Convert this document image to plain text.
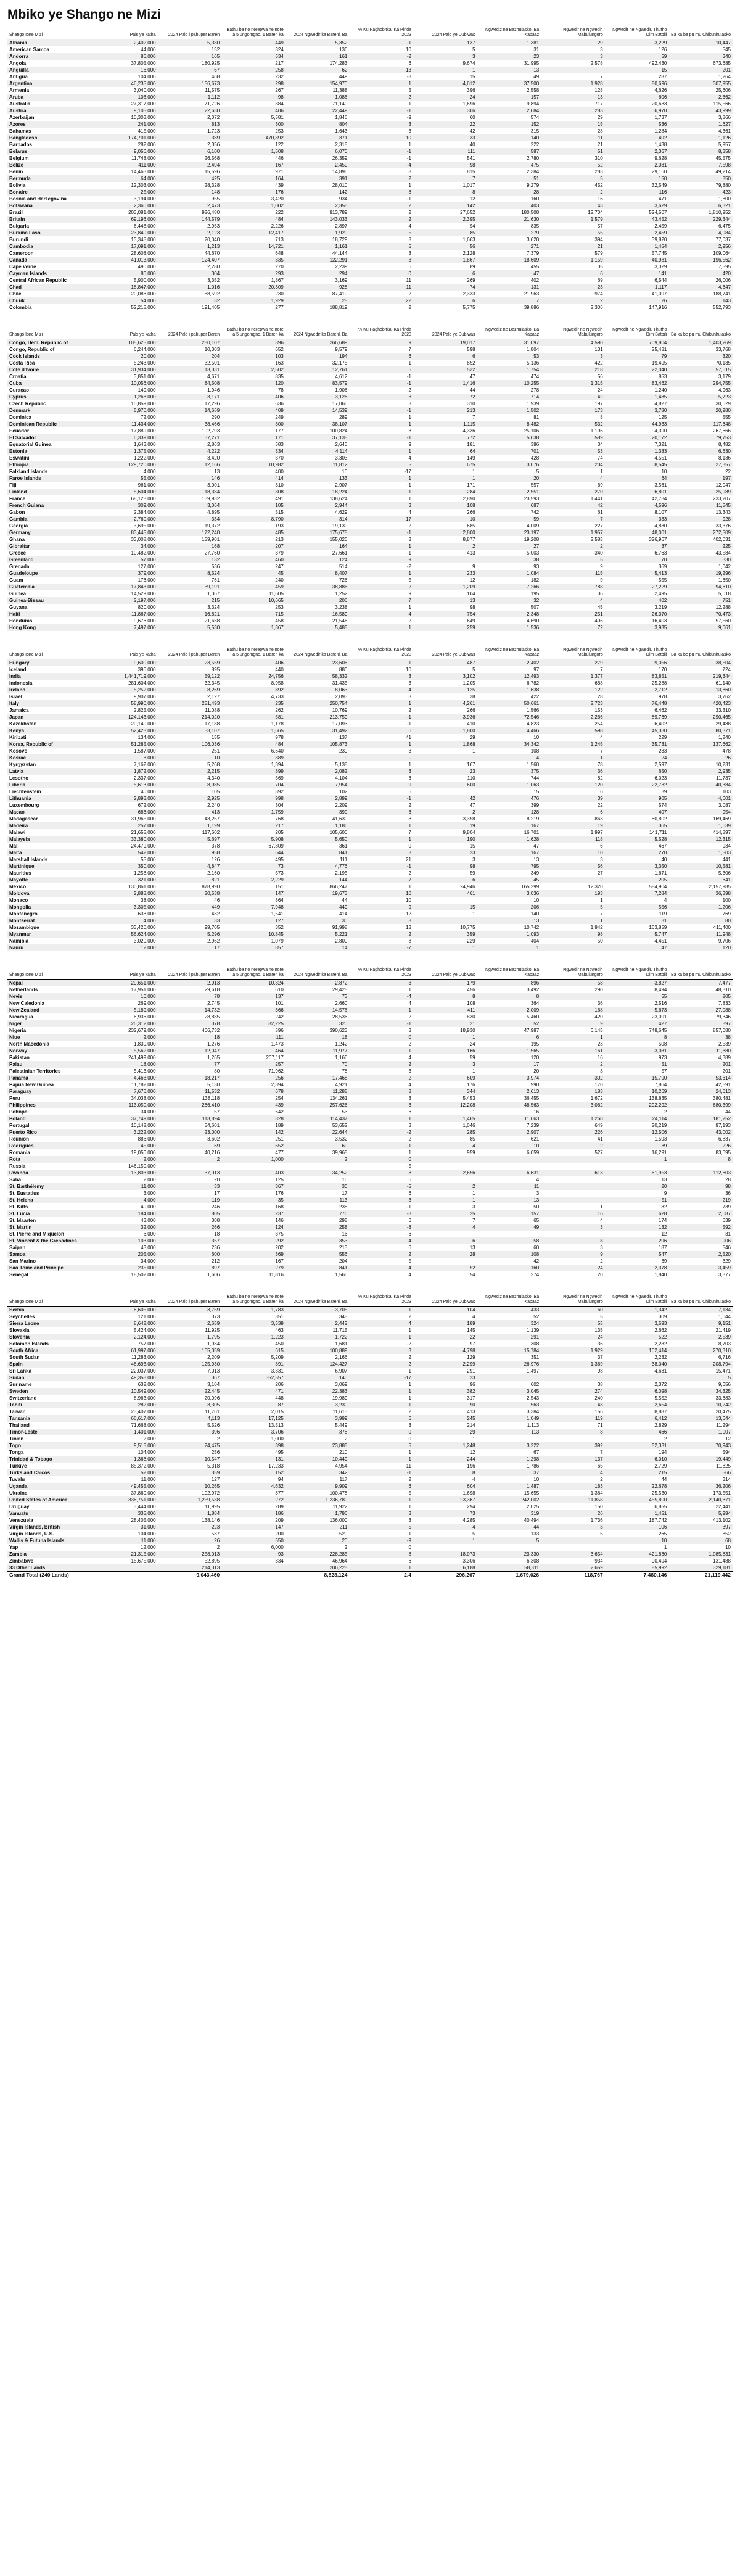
Mbiko ye Shango ne Mizi
Shango Ione Mizi	Pals ye katha	2024 Palo i pahuper Baren	Bathu ba no nerepwa ne nore a 5 ungomgno, 1 Baren ka	2024 Ngwedir ka Barenl. Ba	% Ku Paghobitka. Ka Pinda 2023	2024 Palo ye Dubiwas	Ngwediz ne Bazhulasko. Ba Kapaaz	Ngwedir ne Ngwedir. Mabulungoro	Ngwedir ne Ngwedir. Thutho Dim Batbili	Ba ka be pu mu Chikunhulasko
Albania	2,402,000	5,380	449	5,352	-1	137	1,381	29	3,229	10,447
American Samoa	44,000	152	324	136	10	5	31	3	126	545
Andorra	86,000	165	534	161	-2	3	23	3	59	340
Angola	37,805,000	180,925	217	174,283	6	9,674	31,995	2,578	492,430	673,685
Anguilla	16,000	67	258	62	13	1	13		15	201
Antigua	104,000	468	232	449	-3	15	49	7	287	1,264
Argentina	46,235,000	156,673	298	154,970	1	4,612	37,500	1,928	80,696	307,955
Armenia	3,040,000	11,575	267	11,388	5	396	2,558	128	4,626	25,606
Aruba	106,000	1,112	98	1,086	2	24	157	13	606	2,662
Australia	27,317,000	71,726	384	71,140	1	1,696	9,894	717	20,683	115,566
Austria	9,105,000	22,630	406	22,449	-1	306	2,684	283	6,970	43,999
Azerbaijan	10,303,000	2,072	5,581	1,846	-9	60	574	29	1,737	3,866
Azores	241,000	813	300	804	3	22	152	15	536	1,627
Bahamas	415,000	1,723	253	1,643	-3	42	315	28	1,284	4,361
Bangladesh	174,701,000	389	470,892	371	10	33	140	11	492	1,126
Barbados	282,000	2,356	122	2,318	1	40	222	21	1,438	5,957
Belarus	9,056,000	6,100	1,508	6,070	-1	111	587	51	2,367	8,358
Belgium	11,748,000	26,568	446	26,359	-1	541	2,780	310	9,628	45,575
Belize	411,000	2,494	167	2,459	-4	98	475	52	2,031	7,598
Benin	14,463,000	15,596	971	14,896	8	815	2,384	283	29,160	49,214
Bermuda	64,000	425	164	391	2	7	51	5	150	850
Bolivia	12,303,000	28,328	439	28,010	1	1,017	9,279	452	32,549	79,880
Bonaire	25,000	148	176	142	8	8	28	2	116	423
Bosnia and Herzegovina	3,194,000	955	3,420	934	-1	12	160	16	471	1,800
Botswana	2,360,000	2,473	1,002	2,355	2	142	403	43	3,629	6,321
Brazil	203,081,000	926,480	222	913,789	2	27,652	180,508	12,704	524,507	1,810,952
Britain	69,196,000	144,579	484	143,033	2	2,395	21,630	1,579	43,452	229,344
Bulgaria	6,448,000	2,953	2,226	2,897	4	94	835	57	2,459	6,475
Burkina Faso	23,840,000	2,123	12,417	1,920	5	85	279	55	2,459	4,984
Burundi	13,345,000	20,040	713	18,729	8	1,663	3,620	394	39,820	77,037
Cambodia	17,091,000	1,213	14,721	1,161	5	56	271	21	1,454	2,956
Cameroon	28,608,000	44,670	648	44,144	3	2,128	7,379	579	57,745	109,064
Canada	41,013,000	124,407	335	122,291	3	1,867	18,609	1,159	40,981	196,562
Cape Verde	490,000	2,280	270	2,239	6	89	455	35	3,329	7,595
Cayman Islands	86,000	304	293	294	0	6	47	6	141	420
Central African Republic	5,900,000	3,352	1,867	3,169	11	269	402	69	6,544	26,006
Chad	18,847,000	1,016	20,309	928	11	74	131	23	1,117	4,647
Chile	20,086,000	88,592	230	87,419	2	2,333	21,963	974	41,097	188,741
Chuuk	54,000	32	1,929	28	22	6	7	2	26	143
Colombia	52,215,000	191,405	277	188,819	2	5,775	39,886	2,306	147,916	552,793
Shango Ione Mizi	Pals ye katha	2024 Palo i pahuper Baren	Bathu ba no nerepwa ne nore a 5 ungomgno, 1 Baren ka	2024 Ngwedir ka Barenl. Ba	% Ku Paghobitka. Ka Pinda 2023	2024 Palo ye Dubiwas	Ngwediz ne Bazhulasko. Ba Kapaaz	Ngwedir ne Ngwedir. Mabulungoro	Ngwedir ne Ngwedir. Thutho Dim Batbili	Ba ka be pu mu Chikunhulasko
Congo, Dem. Republic of	105,625,000	280,107	396	266,689	9	19,017	31,097	4,590	709,804	1,403,269
Congo, Republic of	6,244,000	10,303	652	9,579	7	598	1,804	131	25,481	33,768
Cook Islands	20,000	204	103	194	6	6	53	3	79	320
Costa Rica	5,243,000	32,501	163	32,175	1	852	5,136	422	19,495	70,135
Côte d'Ivoire	31,934,000	13,331	2,502	12,761	6	532	1,754	218	22,040	57,615
Croatia	3,851,000	4,671	835	4,612	-1	47	474	56	853	3,179
Cuba	10,056,000	84,508	120	83,579	-1	1,416	10,255	1,315	83,462	294,755
Curaçao	149,000	1,946	78	1,906	-2	44	278	24	1,240	4,963
Cyprus	1,268,000	3,171	406	3,126	3	72	714	42	1,485	5,723
Czech Republic	10,859,000	17,296	636	17,066	3	310	1,939	197	4,827	30,629
Denmark	5,970,000	14,669	409	14,539	-1	213	1,502	173	3,780	20,980
Dominica	72,000	290	249	289	1	7	81	8	125	555
Dominican Republic	11,434,000	38,466	300	38,107	1	1,115	8,482	532	44,933	117,648
Ecuador	17,889,000	102,793	177	100,824	3	4,336	25,106	1,196	94,390	267,666
El Salvador	6,339,000	37,271	171	37,135	-1	772	5,638	589	20,172	79,753
Equatorial Guinea	1,643,000	2,863	583	2,640	9	181	386	34	7,321	8,482
Estonia	1,375,000	4,222	334	4,114	1	64	701	53	1,383	6,630
Eswatini	1,222,000	3,420	370	3,303	4	149	428	74	4,551	8,136
Ethiopia	129,720,000	12,166	10,982	11,812	5	675	3,076	204	8,545	27,357
Falkland Islands	4,000	13	400	10	-17	1	5	1	10	22
Faroe Islands	55,000	146	414	133	1	1	20	4	64	197
Fiji	961,000	3,001	310	2,907	-1	171	557	69	3,561	12,047
Finland	5,604,000	18,384	308	18,224	1	284	2,551	270	6,801	25,989
France	68,128,000	139,932	491	138,624	1	2,890	23,593	1,441	42,784	233,207
French Guiana	309,000	3,064	105	2,944	3	108	687	42	4,596	11,545
Gabon	2,384,000	4,895	515	4,629	4	266	742	61	8,107	13,343
Gambia	2,760,000	334	8,790	314	17	10	59	7	333	928
Georgia	3,695,000	19,372	193	19,130	2	685	4,009	227	4,830	33,376
Germany	83,445,000	172,240	485	175,678	-1	2,800	23,197	1,957	48,001	272,509
Ghana	33,008,000	159,901	213	155,026	3	8,877	19,208	2,585	326,967	402,031
Gibraltar	34,000	168	207	164	1	2	27	2	37	225
Greece	10,482,000	27,760	379	27,661	-1	413	5,003	340	6,763	43,584
Greenland	57,000	132	460	124	9		38	5	70	330
Grenada	127,000	536	247	514	-2	9	93	9	369	1,042
Guadeloupe	379,000	8,524	45	8,407	1	233	1,084	115	5,413	19,296
Guam	176,000	761	240	726	5	12	182	9	555	1,650
Guatemala	17,843,000	39,191	459	38,886	2	1,209	7,266	788	27,229	94,610
Guinea	14,529,000	1,367	11,605	1,252	9	104	195	36	2,495	5,018
Guinea-Bissau	2,197,000	215	10,665	206	7	13	32	4	402	751
Guyana	820,000	3,324	253	3,238	1	98	507	45	3,219	12,288
Haiti	11,867,000	16,821	715	16,589	4	754	2,348	251	26,370	70,473
Honduras	9,676,000	21,638	458	21,546	2	649	4,690	406	16,403	57,560
Hong Kong	7,497,000	5,530	1,367	5,485	1	259	1,536	72	3,935	9,661
Shango Ione Mizi	Pals ye katha	2024 Palo i pahuper Baren	Bathu ba no nerepwa ne nore a 5 ungomgno, 1 Baren ka	2024 Ngwedir ka Barenl. Ba	% Ku Paghobitka. Ka Pinda 2023	2024 Palo ye Dubiwas	Ngwediz ne Bazhulasko. Ba Kapaaz	Ngwedir ne Ngwedir. Mabulungoro	Ngwedir ne Ngwedir. Thutho Dim Batbili	Ba ka be pu mu Chikunhulasko
Hungary	9,600,000	23,559	406	23,606	1	487	2,402	279	9,056	38,504
Iceland	396,000	895	440	880	10	5	97	7	170	724
India	1,441,719,000	59,122	24,756	58,332	3	3,102	12,493	1,377	83,851	219,344
Indonesia	281,604,000	32,345	8,958	31,435	3	1,205	6,782	688	25,288	61,140
Ireland	5,252,000	8,269	892	8,063	4	125	1,638	122	2,712	13,860
Israel	9,907,000	2,127	4,733	2,093	3	38	422	28	978	3,762
Italy	58,990,000	251,493	235	250,754	1	4,261	50,661	2,723	76,448	420,423
Jamaica	2,825,000	11,088	262	10,769	2	266	1,566	153	6,462	33,310
Japan	124,143,000	214,020	581	213,759	-1	3,936	72,546	2,266	89,769	290,465
Kazakhstan	20,140,000	17,188	1,178	17,093	-1	410	4,823	254	6,402	29,488
Kenya	52,428,000	33,107	1,665	31,492	6	1,800	4,466	598	45,330	80,371
Kiribati	134,000	155	978	137	41	29	10	4	229	1,240
Korea, Republic of	51,285,000	106,036	484	105,873	1	1,868	34,342	1,245	35,731	137,662
Kosovo	1,587,000	251	6,640	239	3	1	108	7	233	478
Kosrae	8,000	10	889	9	-		4	1	24	26
Kyrgyzstan	7,162,000	5,268	1,394	5,138	1	167	1,560	78	2,597	10,231
Latvia	1,872,000	2,215	899	2,082	3	23	375	36	650	2,935
Lesotho	2,337,000	4,340	569	4,104	6	110	744	82	6,023	11,737
Liberia	5,613,000	8,985	704	7,954	9	600	1,063	120	22,732	40,384
Liechtenstein	40,000	105	392	102	6		15	6	39	103
Lithuania	2,893,000	2,925	998	2,899	-1	42	476	39	905	4,601
Luxembourg	672,000	2,240	304	2,209	2	47	399	22	574	3,087
Macao	686,000	413	1,759	390	6	2	128	6	407	954
Madagascar	31,965,000	43,257	768	41,639	8	3,358	8,219	863	80,802	169,469
Madeira	257,000	1,199	217	1,186	1	19	167	19	365	1,639
Malawi	21,655,000	117,602	205	105,600	7	9,804	16,701	1,997	141,711	414,897
Malaysia	33,380,000	5,697	5,908	5,650	1	190	1,628	118	5,528	12,315
Mali	24,479,000	378	67,809	361	0	15	47	6	467	934
Malta	542,000	958	644	841	3	23	167	10	270	1,503
Marshall Islands	55,000	126	495	111	21	3	13	3	40	441
Martinique	350,000	4,847	73	4,776	-1	98	795	56	3,350	10,581
Mauritius	1,258,000	2,160	573	2,195	2	59	349	27	1,671	5,306
Mayotte	321,000	821	2,229	144	7	6	45	2	205	641
Mexico	130,861,000	878,990	151	866,247	1	24,946	165,299	12,320	584,904	2,157,985
Moldova	2,888,000	20,538	147	19,673	10	461	3,036	193	7,284	36,398
Monaco	38,000	46	864	44	10		10	1	4	100
Mongolia	3,305,000	449	7,948	449	9	15	206	5	556	1,206
Montenegro	638,000	432	1,541	414	12	1	140	7	119	769
Montserrat	4,000	33	127	30	8		13	1	31	80
Mozambique	33,420,000	99,705	352	91,998	13	10,775	10,742	1,942	163,859	411,400
Myanmar	56,624,000	5,296	10,845	5,221	2	359	1,093	98	5,747	11,948
Namibia	3,020,000	2,962	1,079	2,800	8	229	404	50	4,451	9,706
Nauru	12,000	17	857	14	-7	1	1		47	120
Shango Ione Mizi	Pals ye katha	2024 Palo i pahuper Baren	Bathu ba no nerepwa ne nore a 5 ungomgno, 1 Baren ka	2024 Ngwedir ka Barenl. Ba	% Ku Paghobitka. Ka Pinda 2023	2024 Palo ye Dubiwas	Ngwediz ne Bazhulasko. Ba Kapaaz	Ngwedir ne Ngwedir. Mabulungoro	Ngwedir ne Ngwedir. Thutho Dim Batbili	Ba ka be pu mu Chikunhulasko
Nepal	29,651,000	2,913	10,324	2,872	3	179	896	58	3,827	7,477
Netherlands	17,951,000	29,618	610	29,425	1	456	3,492	290	8,494	48,810
Nevis	10,000	78	137	73	-4	8	8		55	205
New Caledonia	269,000	2,745	101	2,660	4	108	364	36	2,516	7,833
New Zealand	5,189,000	14,732	366	14,576	1	411	2,009	168	5,673	27,088
Nicaragua	6,936,000	28,885	242	28,536	2	830	5,460	420	23,091	79,346
Niger	26,312,000	378	82,225	320	-1	21	52	9	427	897
Nigeria	232,679,000	406,732	596	390,623	3	18,930	47,987	6,145	748,645	857,080
Niue	2,000	18	111	18	0	1	6	1	8	38
North Macedonia	1,830,000	1,276	1,473	1,242	2	24	195	23	508	2,539
Norway	5,562,000	12,047	464	11,977	1	166	1,565	161	3,081	11,880
Pakistan	241,499,000	1,265	207,117	1,166	4	59	120	16	973	4,389
Palau	18,000	77	257	70	2	3	17	2	51	201
Palestinian Territories	5,413,000	80	71,962	78	3	1	20	3	57	201
Panama	4,468,000	18,217	256	17,468	2	609	3,974	302	15,790	53,614
Papua New Guinea	11,782,000	5,130	2,394	4,921	4	176	990	170	7,864	42,591
Paraguay	7,676,000	11,532	678	11,285	3	344	2,613	183	10,269	24,613
Peru	34,038,000	138,118	254	134,261	3	5,453	36,455	1,672	138,835	380,481
Philippines	113,050,000	266,410	439	257,626	3	12,208	48,563	3,062	292,292	680,399
Pohnpei	34,000	57	642	53	6	1	16		2	44
Poland	37,749,000	113,894	328	114,437	1	1,465	11,663	1,268	24,114	181,252
Portugal	10,142,000	54,601	189	53,652	3	1,046	7,239	649	20,219	97,193
Puerto Rico	3,222,000	23,000	142	22,644	-2	285	2,907	226	12,506	43,002
Reunion	886,000	3,602	251	3,532	2	85	621	41	1,593	6,837
Rodrigues	45,000	69	652	69	-1	4	10	2	89	226
Romania	19,056,000	40,216	477	39,965	1	959	6,059	527	16,291	83,695
Rota	2,000	2	1,000	2	0				1	8
Russia	146,150,000				-5					
Rwanda	13,803,000	37,013	403	34,252	8	2,656	6,631	613	61,953	112,603
Saba	2,000	20	125	16	6		4		13	28
St. Barthélemy	11,000	33	367	30	-5	2	11		20	98
St. Eustatius	3,000	17	176	17	6	1	3		9	36
St. Helena	4,000	119	35	113	3	1	13		51	219
St. Kitts	40,000	246	168	238	-1	3	50	1	182	739
St. Lucia	184,000	805	237	776	-3	25	157	16	628	2,087
St. Maarten	43,000	308	146	295	6	7	65	4	174	639
St. Martin	32,000	266	124	258	-8	4	49	3	132	592
St. Pierre and Miquelon	6,000	18	375	16	-6				12	31
St. Vincent & the Grenadines	103,000	357	292	353	4	6	58	8	296	906
Saipan	43,000	236	202	213	6	13	60	3	187	546
Samoa	205,000	600	369	556	2	28	108	9	547	2,520
San Marino	34,000	212	167	204	5		42	2	69	329
Sao Tome and Principe	235,000	897	279	841	4	52	160	24	2,378	3,459
Senegal	18,502,000	1,606	11,816	1,566	4	54	274	20	1,840	3,877
Shango Ione Mizi	Pals ye katha	2024 Palo i pahuper Baren	Bathu ba no nerepwa ne nore a 5 ungomgno, 1 Baren ka	2024 Ngwedir ka Barenl. Ba	% Ku Paghobitka. Ka Pinda 2023	2024 Palo ye Dubiwas	Ngwediz ne Bazhulasko. Ba Kapaaz	Ngwedir ne Ngwedir. Mabulungoro	Ngwedir ne Ngwedir. Thutho Dim Batbili	Ba ka be pu mu Chikunhulasko
Serbia	6,605,000	3,759	1,783	3,705	1	104	433	60	1,342	7,134
Seychelles	121,000	373	351	345	2	4	52	5	309	1,044
Sierra Leone	8,642,000	2,659	3,539	2,442	4	189	324	55	3,593	9,151
Slovakia	5,424,000	11,925	463	11,715	1	145	1,139	135	2,662	21,419
Slovenia	2,124,000	1,795	1,223	1,722	1	22	291	24	522	2,539
Solomon Islands	757,000	1,934	450	1,681	-2	97	308	36	2,232	8,703
South Africa	61,997,000	105,359	615	100,889	3	4,798	15,784	1,929	102,414	270,310
South Sudan	11,283,000	2,209	5,209	2,166	2	129	351	37	2,232	6,716
Spain	48,693,000	125,930	391	124,427	2	2,299	26,976	1,369	38,040	208,794
Sri Lanka	22,037,000	7,013	3,331	6,907	1	291	1,497	98	4,631	15,471
Sudan	49,358,000	367	352,557	140	-17	23				5
Suriname	632,000	3,104	206	3,069	1	96	602	38	2,372	9,656
Sweden	10,549,000	22,445	471	22,383	1	382	3,045	274	6,098	34,325
Switzerland	8,963,000	20,096	448	19,989	1	317	2,543	240	5,552	33,683
Tahiti	282,000	3,305	87	3,230	1	90	563	43	2,654	10,242
Taiwan	23,407,000	11,761	2,015	11,613	2	413	3,384	156	8,887	20,475
Tanzania	66,617,000	4,113	17,125	3,999	6	245	1,049	119	6,412	13,644
Thailand	71,668,000	5,526	13,513	5,449	3	214	1,113	71	2,829	11,294
Timor-Leste	1,401,000	396	3,706	378	0	29	113	8	466	1,007
Tinian	2,000	2	1,000	2	0	1			2	12
Togo	9,515,000	24,475	398	23,885	5	1,248	3,222	392	52,331	70,943
Tonga	104,000	256	495	210	1	12	67	7	194	594
Trinidad & Tobago	1,368,000	10,547	131	10,449	1	244	1,298	137	6,010	19,449
Türkiye	85,372,000	5,318	17,233	4,954	-11	196	1,786	65	2,729	11,825
Turks and Caicos	52,000	359	152	342	-1	8	37	4	215	566
Tuvalu	11,000	127	94	117	2	4	10	2	44	314
Uganda	49,455,000	10,265	4,632	9,909	6	604	1,487	183	22,678	36,206
Ukraine	37,860,000	102,972	377	100,478	-5	1,698	15,655	1,364	25,530	173,551
United States of America	336,751,000	1,259,538	272	1,236,789	1	23,367	242,002	11,858	455,800	2,140,871
Uruguay	3,444,000	11,995	289	11,922	1	294	2,025	150	6,855	22,441
Vanuatu	335,000	1,884	186	1,796	3	73	319	26	1,451	5,994
Venezuela	28,405,000	138,146	209	136,000	3	4,285	40,494	1,736	187,742	413,102
Virgin Islands, British	31,000	223	147	211	5	4	44	3	106	397
Virgin Islands, U.S.	104,000	537	200	520	-1	5	133	5	265	852
Wallis & Futuna Islands	11,000	26	550	20	-9	1	5		10	68
Yap	12,000	2	6,000	2	0				1	10
Zambia	21,315,000	258,013	93	228,285	8	18,073	23,330	3,654	421,860	1,085,831
Zimbabwe	15,675,000	52,895	334	46,964	6	3,306	6,308	934	90,494	131,488
33 Other Lands		214,313		206,225	1	6,188	58,311	2,659	85,992	329,181
Grand Total (240 Lands)		9,043,460		8,828,124	2.4	296,267	1,679,026	118,767	7,480,146	21,119,442
